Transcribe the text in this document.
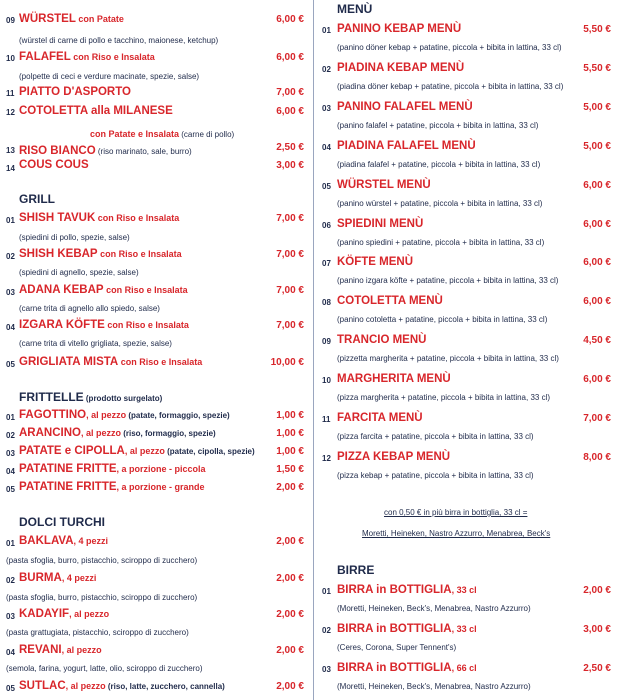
09 WÜRSTEL con Patate	6,00 €
(würstel di carne di pollo e tacchino, maionese, ketchup)
10 FALAFEL con Riso e Insalata	6,00 €
(polpette di ceci e verdure macinate, spezie, salse)
11 PIATTO D'ASPORTO	7,00 €
12 COTOLETTA alla MILANESE	6,00 €
con Patate e Insalata (carne di pollo)
13 RISO BIANCO (riso marinato, sale, burro)	2,50 €
14 COUS COUS	3,00 €
GRILL
01 SHISH TAVUK con Riso e Insalata	7,00 €
(spiedini di pollo, spezie, salse)
02 SHISH KEBAP con Riso e Insalata	7,00 €
(spiedini di agnello, spezie, salse)
03 ADANA KEBAP con Riso e Insalata	7,00 €
(carne trita di agnello allo spiedo, salse)
04 IZGARA KÖFTE con Riso e Insalata	7,00 €
(carne trita di vitello grigliata, spezie, salse)
05 GRIGLIATA MISTA con Riso e Insalata	10,00 €
FRITTELLE (prodotto surgelato)
01 FAGOTTINO, al pezzo (patate, formaggio, spezie)	1,00 €
02 ARANCINO, al pezzo (riso, formaggio, spezie)	1,00 €
03 PATATE e CIPOLLA, al pezzo (patate, cipolla, spezie)	1,00 €
04 PATATINE FRITTE, a porzione - piccola	1,50 €
05 PATATINE FRITTE, a porzione - grande	2,00 €
DOLCI TURCHI
01 BAKLAVA, 4 pezzi	2,00 €
(pasta sfoglia, burro, pistacchio, sciroppo di zucchero)
02 BURMA, 4 pezzi	2,00 €
(pasta sfoglia, burro, pistacchio, sciroppo di zucchero)
03 KADAYIF, al pezzo	2,00 €
(pasta grattugiata, pistacchio, sciroppo di zucchero)
04 REVANI, al pezzo	2,00 €
(semola, farina, yogurt, latte, olio, sciroppo di zucchero)
05 SUTLAC, al pezzo (riso, latte, zucchero, cannella)	2,00 €
MENÙ
01 PANINO KEBAP MENÙ	5,50 €
(panino döner kebap + patatine, piccola + bibita in lattina, 33 cl)
02 PIADINA KEBAP MENÙ	5,50 €
(piadina döner kebap + patatine, piccola + bibita in lattina, 33 cl)
03 PANINO FALAFEL MENÙ	5,00 €
(panino falafel + patatine, piccola + bibita in lattina, 33 cl)
04 PIADINA FALAFEL MENÙ	5,00 €
(piadina falafel + patatine, piccola + bibita in lattina, 33 cl)
05 WÜRSTEL MENÙ	6,00 €
(panino würstel + patatine, piccola + bibita in lattina, 33 cl)
06 SPIEDINI MENÙ	6,00 €
(panino spiedini + patatine, piccola + bibita in lattina, 33 cl)
07 KÖFTE MENÙ	6,00 €
(panino izgara köfte + patatine, piccola + bibita in lattina, 33 cl)
08 COTOLETTA MENÙ	6,00 €
(panino cotoletta + patatine, piccola + bibita in lattina, 33 cl)
09 TRANCIO MENÙ	4,50 €
(pizzetta margherita + patatine, piccola + bibita in lattina, 33 cl)
10 MARGHERITA MENÙ	6,00 €
(pizza margherita + patatine, piccola + bibita in lattina, 33 cl)
11 FARCITA MENÙ	7,00 €
(pizza farcita + patatine, piccola + bibita in lattina, 33 cl)
12 PIZZA KEBAP MENÙ	8,00 €
(pizza kebap + patatine, piccola + bibita in lattina, 33 cl)
con 0,50 € in più birra in bottiglia, 33 cl =
Moretti, Heineken, Nastro Azzurro, Menabrea, Beck's
BIRRE
01 BIRRA in BOTTIGLIA, 33 cl	2,00 €
(Moretti, Heineken, Beck's, Menabrea, Nastro Azzurro)
02 BIRRA in BOTTIGLIA, 33 cl	3,00 €
(Ceres, Corona, Super Tennent's)
03 BIRRA in BOTTIGLIA, 66 cl	2,50 €
(Moretti, Heineken, Beck's, Menabrea, Nastro Azzurro)
